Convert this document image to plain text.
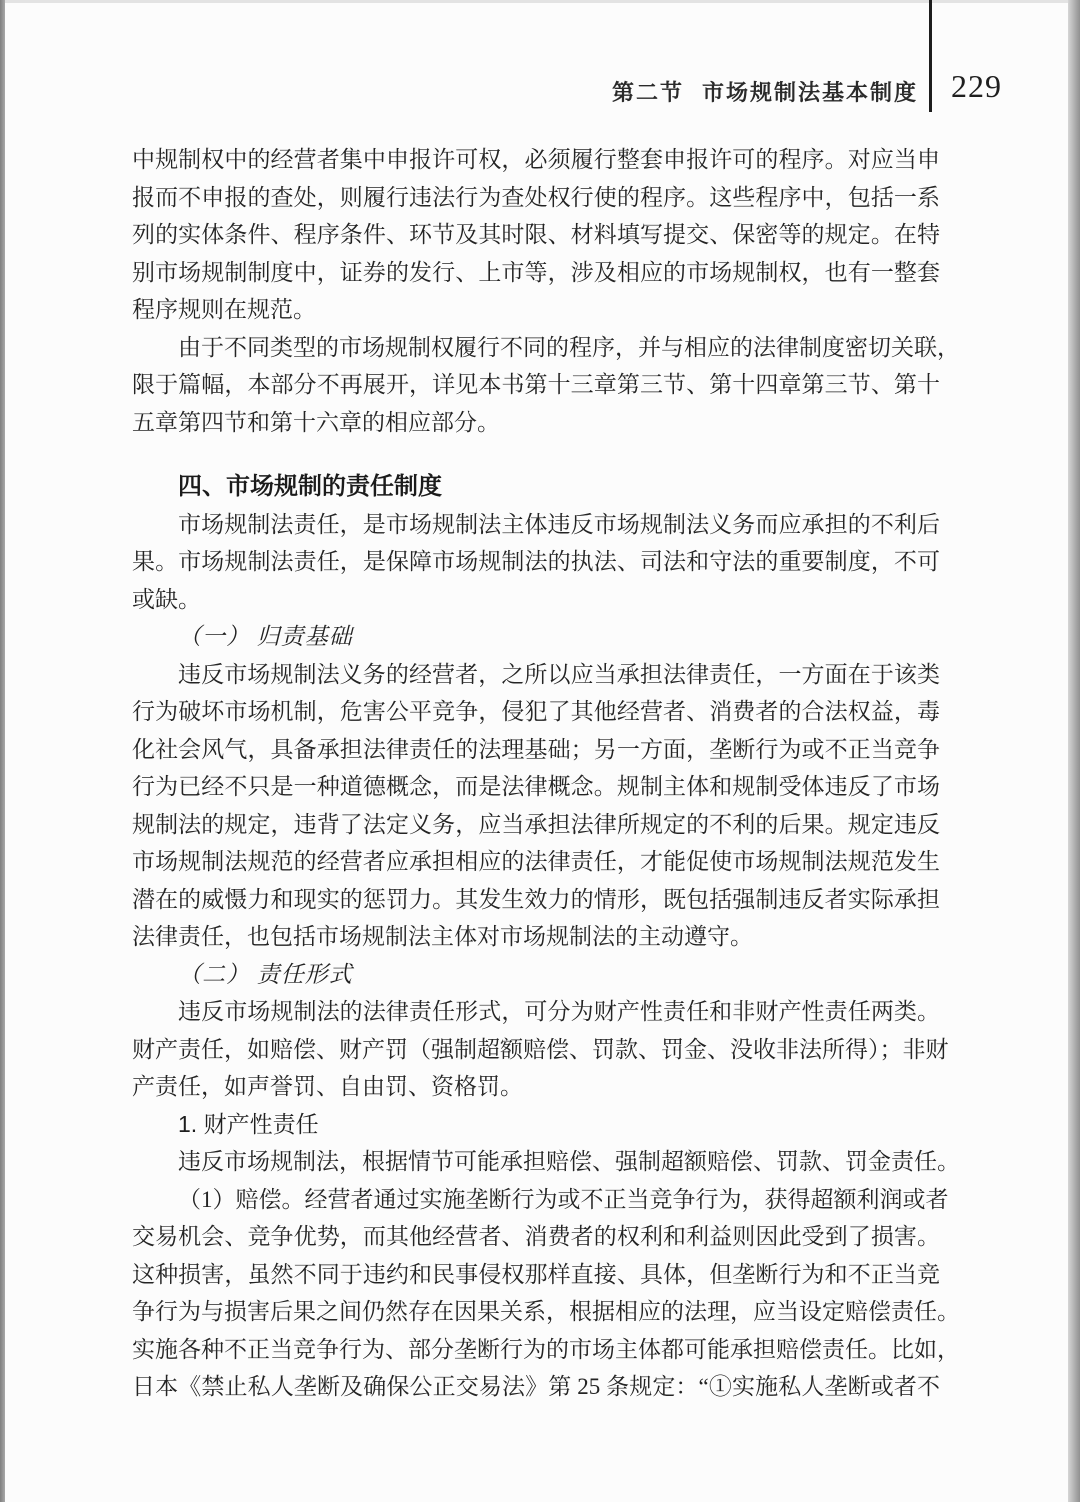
第二节 市场规制法基本制度 229
中规制权中的经营者集中申报许可权，必须履行整套申报许可的程序。对应当申
报而不申报的查处，则履行违法行为查处权行使的程序。这些程序中，包括一系
列的实体条件、程序条件、环节及其时限、材料填写提交、保密等的规定。在特
别市场规制制度中，证券的发行、上市等，涉及相应的市场规制权，也有一整套
程序规则在规范。
由于不同类型的市场规制权履行不同的程序，并与相应的法律制度密切关联，
限于篇幅，本部分不再展开，详见本书第十三章第三节、第十四章第三节、第十
五章第四节和第十六章的相应部分。
四、市场规制的责任制度
市场规制法责任，是市场规制法主体违反市场规制法义务而应承担的不利后
果。市场规制法责任，是保障市场规制法的执法、司法和守法的重要制度，不可
或缺。
（一） 归责基础
违反市场规制法义务的经营者，之所以应当承担法律责任，一方面在于该类
行为破坏市场机制，危害公平竞争，侵犯了其他经营者、消费者的合法权益，毒
化社会风气，具备承担法律责任的法理基础；另一方面，垄断行为或不正当竞争
行为已经不只是一种道德概念，而是法律概念。规制主体和规制受体违反了市场
规制法的规定，违背了法定义务，应当承担法律所规定的不利的后果。规定违反
市场规制法规范的经营者应承担相应的法律责任，才能促使市场规制法规范发生
潜在的威慑力和现实的惩罚力。其发生效力的情形，既包括强制违反者实际承担
法律责任，也包括市场规制法主体对市场规制法的主动遵守。
（二） 责任形式
违反市场规制法的法律责任形式，可分为财产性责任和非财产性责任两类。
财产责任，如赔偿、财产罚（强制超额赔偿、罚款、罚金、没收非法所得）；非财
产责任，如声誉罚、自由罚、资格罚。
1. 财产性责任
违反市场规制法，根据情节可能承担赔偿、强制超额赔偿、罚款、罚金责任。
（1）赔偿。经营者通过实施垄断行为或不正当竞争行为，获得超额利润或者
交易机会、竞争优势，而其他经营者、消费者的权利和利益则因此受到了损害。
这种损害，虽然不同于违约和民事侵权那样直接、具体，但垄断行为和不正当竞
争行为与损害后果之间仍然存在因果关系，根据相应的法理，应当设定赔偿责任。
实施各种不正当竞争行为、部分垄断行为的市场主体都可能承担赔偿责任。比如，
日本《禁止私人垄断及确保公正交易法》第 25 条规定：“①实施私人垄断或者不
